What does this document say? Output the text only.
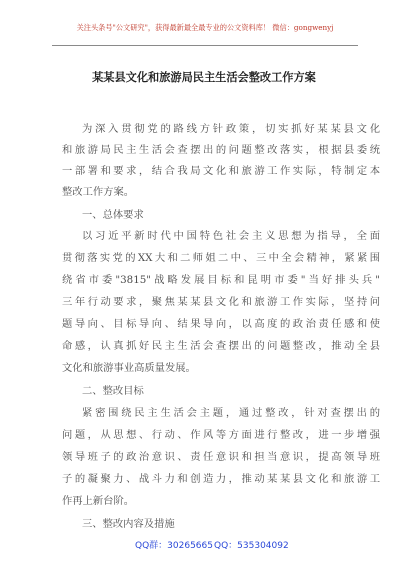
关注头条号"公文研究"，获得最新最全最专业的公文资料库！ 微信：gongwenyj
某某县文化和旅游局民主生活会整改工作方案
为深入贯彻党的路线方针政策，切实抓好某某县文化
和旅游局民主生活会查摆出的问题整改落实，根据县委统
一部署和要求，结合我局文化和旅游工作实际，特制定本
整改工作方案。
一、总体要求
以习近平新时代中国特色社会主义思想为指导，全面
贯彻落实党的XX大和二师姐二中、三中全会精神，紧紧围
绕省市委"3815"战略发展目标和昆明市委"当好排头兵"
三年行动要求，聚焦某某县文化和旅游工作实际，坚持问
题导向、目标导向、结果导向，以高度的政治责任感和使
命感，认真抓好民主生活会查摆出的问题整改，推动全县
文化和旅游事业高质量发展。
二、整改目标
紧密围绕民主生活会主题，通过整改，针对查摆出的
问题，从思想、行动、作风等方面进行整改，进一步增强
领导班子的政治意识、责任意识和担当意识，提高领导班
子的凝聚力、战斗力和创造力，推动某某县文化和旅游工
作再上新台阶。
三、整改内容及措施
QQ群：30265665 QQ：535304092
